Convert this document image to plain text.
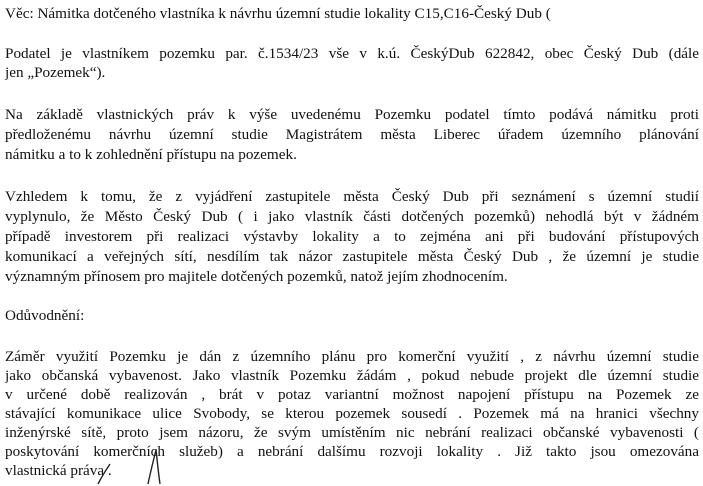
Věc: Námitka dotčeného vlastníka k návrhu územní studie lokality C15,C16-Český Dub (
Podatel je vlastníkem pozemku par. č.1534/23 vše v k.ú. ČeskýDub 622842, obec Český Dub (dále
jen „Pozemek“).
Na základě vlastnických práv k výše uvedenému Pozemku podatel tímto podává námitku proti
předloženému návrhu územní studie Magistrátem města Liberec úřadem územního plánování
námitku a to k zohlednění přístupu na pozemek.
Vzhledem k tomu, že z vyjádření zastupitele města Český Dub při seznámení s územní studií
vyplynulo, že Město Český Dub ( i jako vlastník části dotčených pozemků) nehodlá být v žádném
případě investorem při realizaci výstavby lokality a to zejména ani při budování přístupových
komunikací a veřejných sítí, nesdílím tak názor zastupitele města Český Dub , že územní je studie
významným přínosem pro majitele dotčených pozemků, natož jejím zhodnocením.
Odůvodnění:
Záměr využití Pozemku je dán z územního plánu pro komerční využití , z návrhu územní studie
jako občanská vybavenost. Jako vlastník Pozemku žádám , pokud nebude projekt dle územní studie
v určené době realizován , brát v potaz variantní možnost napojení přístupu na Pozemek ze
stávající komunikace ulice Svobody, se kterou pozemek sousedí . Pozemek má na hranici všechny
inženýrské sítě, proto jsem názoru, že svým umístěním nic nebrání realizaci občanské vybavenosti (
poskytování komerčních služeb) a nebrání dalšímu rozvoji lokality . Již takto jsou omezována
vlastnická práva .
